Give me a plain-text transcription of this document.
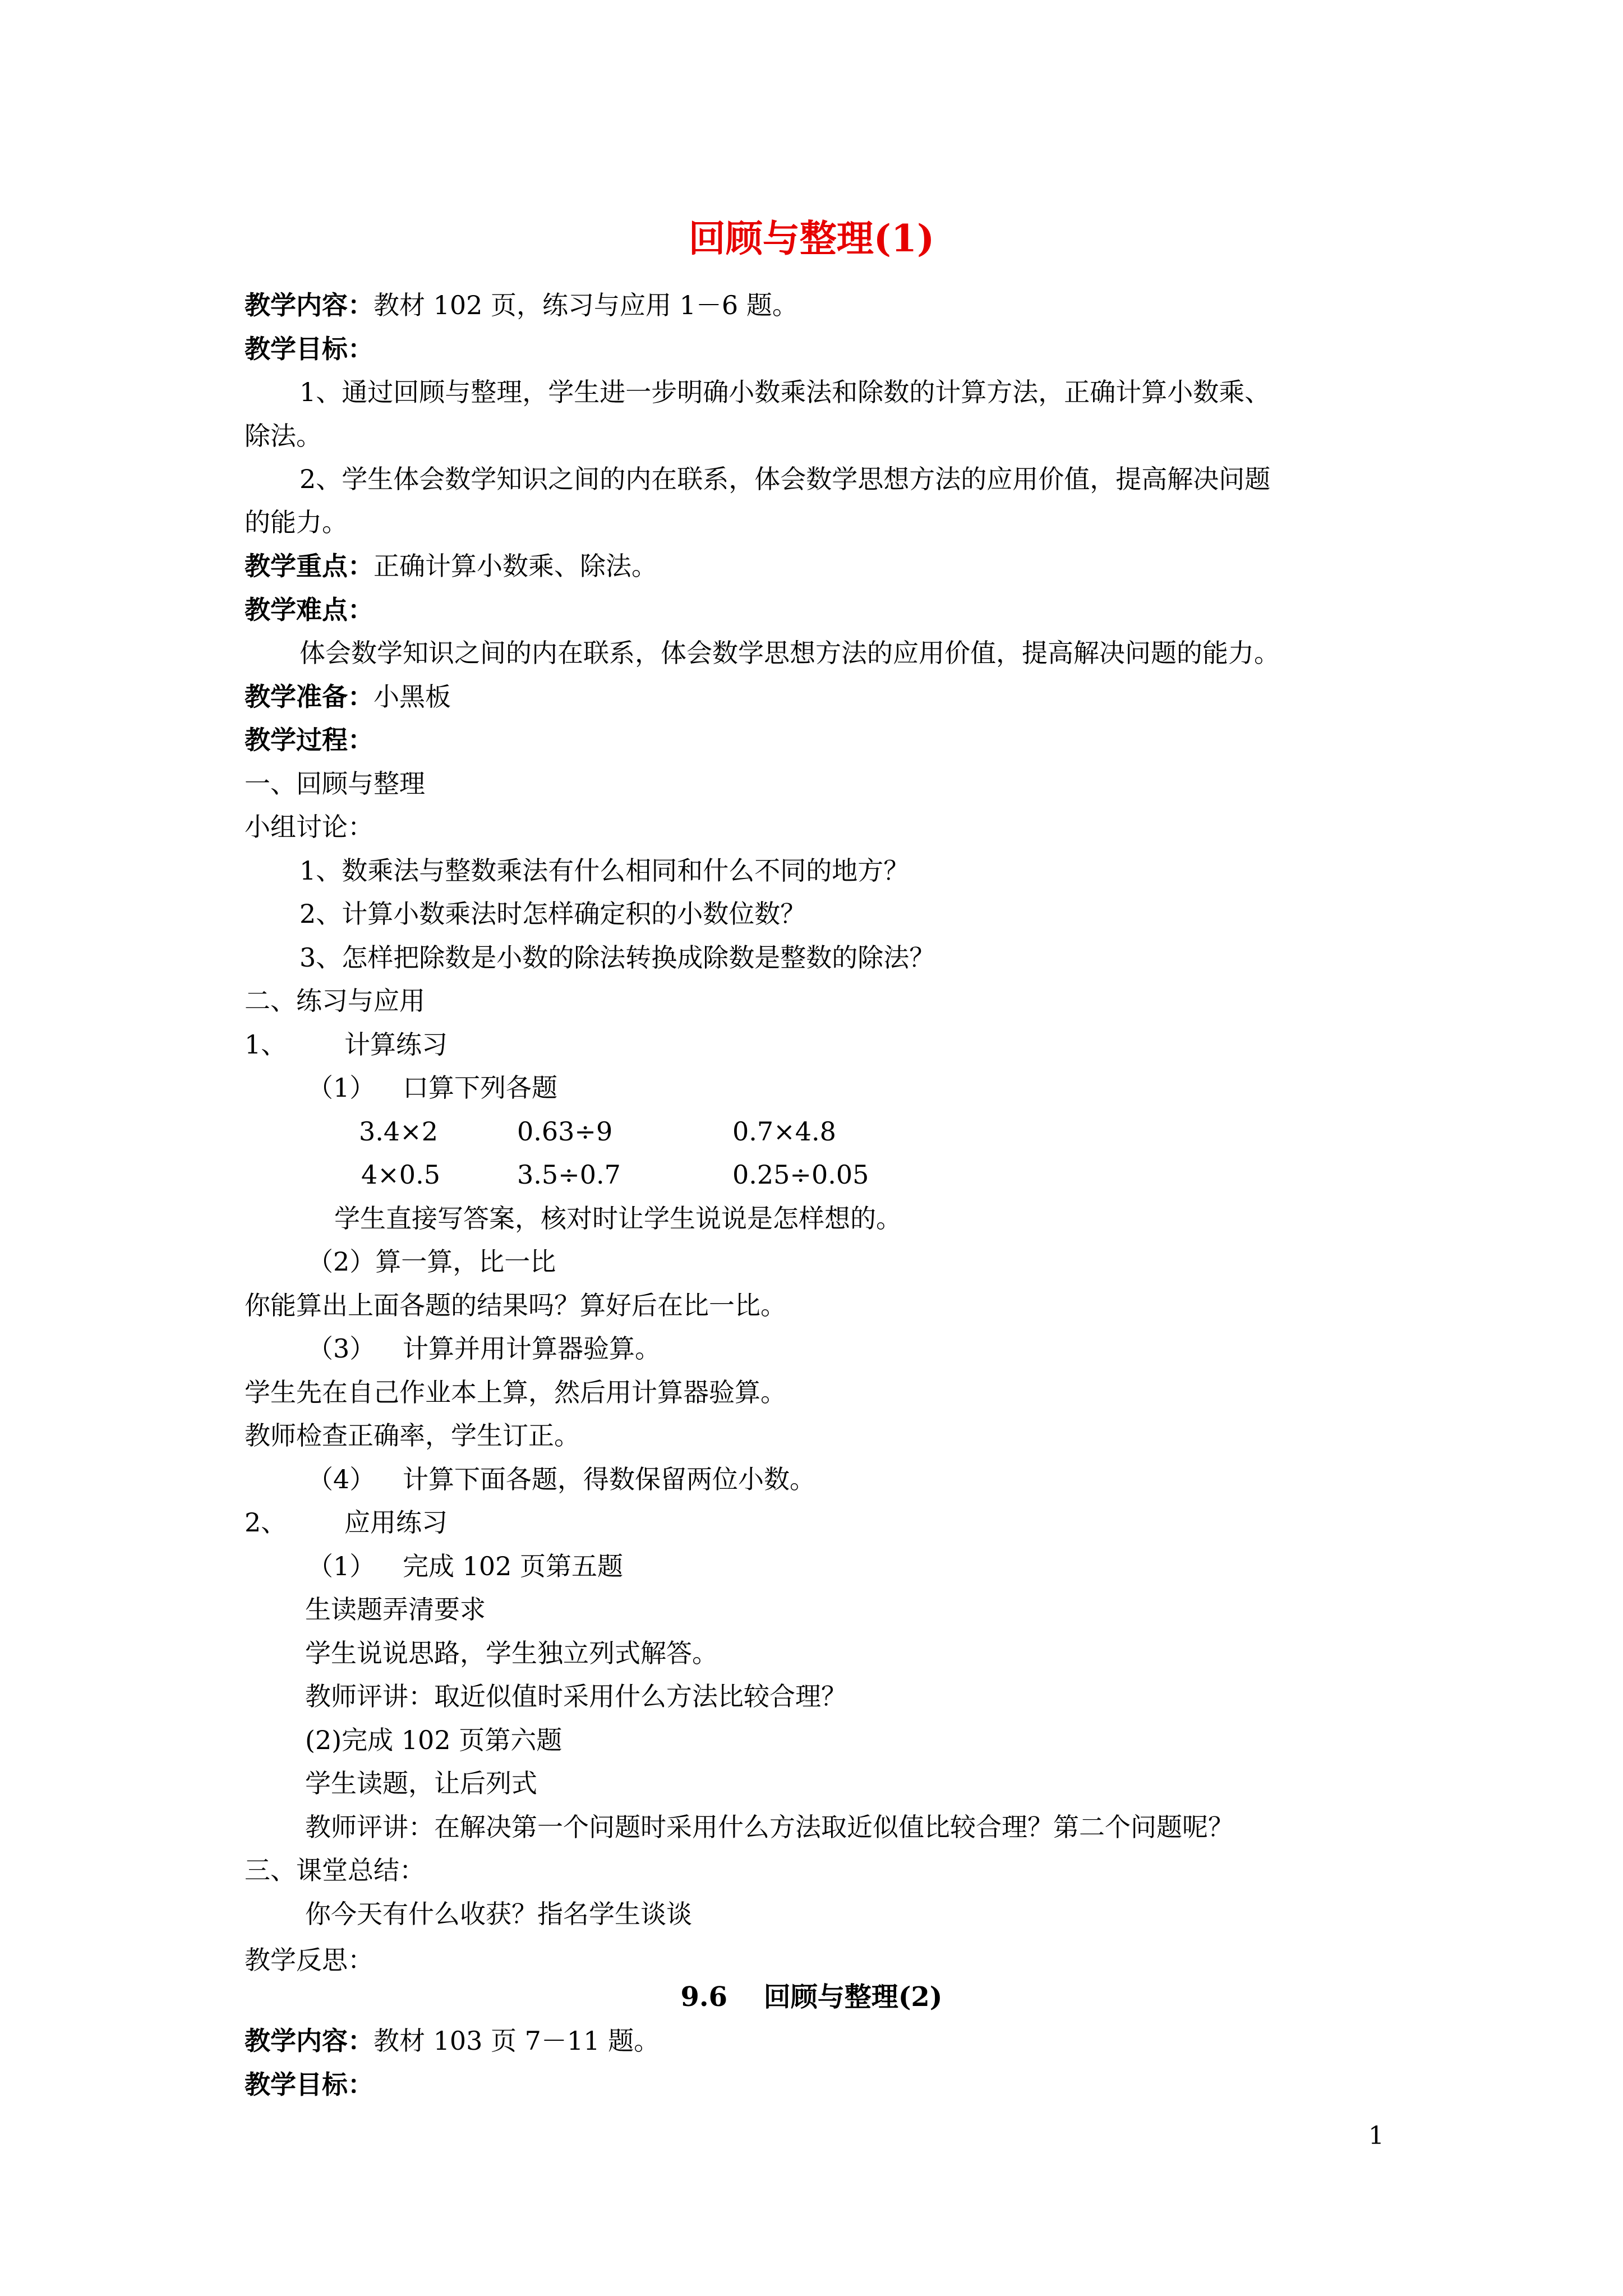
回顾与整理(1)
教学内容：教材 102 页，练习与应用 1－6 题。
教学目标：
1、通过回顾与整理，学生进一步明确小数乘法和除数的计算方法，正确计算小数乘、
除法。
2、学生体会数学知识之间的内在联系，体会数学思想方法的应用价值，提高解决问题
的能力。
教学重点：正确计算小数乘、除法。
教学难点：
体会数学知识之间的内在联系，体会数学思想方法的应用价值，提高解决问题的能力。
教学准备：小黑板
教学过程：
一、回顾与整理
小组讨论：
1、数乘法与整数乘法有什么相同和什么不同的地方？
2、计算小数乘法时怎样确定积的小数位数？
3、怎样把除数是小数的除法转换成除数是整数的除法？
二、练习与应用
1、 计算练习
（1） 口算下列各题
3.4×2	0.63÷9	0.7×4.8
4×0.5	3.5÷0.7	0.25÷0.05
学生直接写答案，核对时让学生说说是怎样想的。
（2）算一算，比一比
你能算出上面各题的结果吗？算好后在比一比。
（3） 计算并用计算器验算。
学生先在自己作业本上算，然后用计算器验算。
教师检查正确率，学生订正。
（4） 计算下面各题，得数保留两位小数。
2、 应用练习
（1） 完成 102 页第五题
生读题弄清要求
学生说说思路，学生独立列式解答。
教师评讲：取近似值时采用什么方法比较合理？
(2)完成 102 页第六题
学生读题，让后列式
教师评讲：在解决第一个问题时采用什么方法取近似值比较合理？第二个问题呢？
三、课堂总结：
你今天有什么收获？指名学生谈谈
教学反思：
9.6　 回顾与整理(2)
教学内容：教材 103 页 7－11 题。
教学目标：
1
